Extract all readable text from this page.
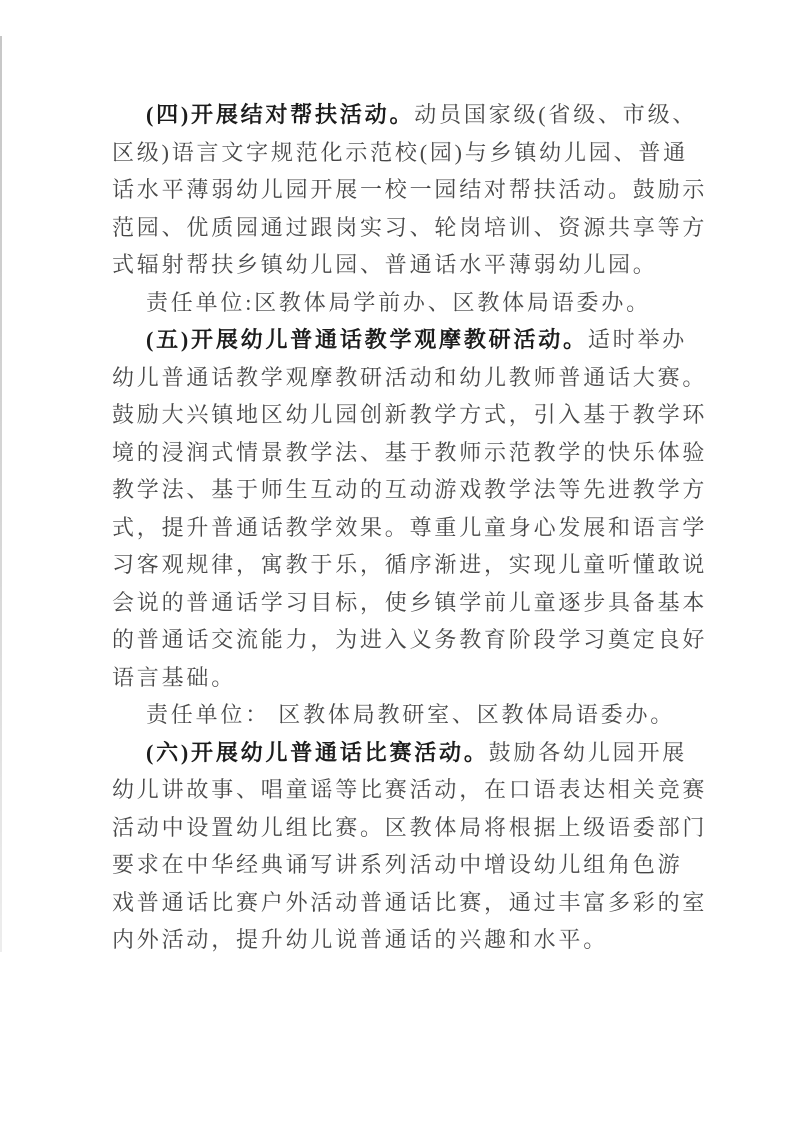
(四)开展结对帮扶活动。动员国家级(省级、市级、
区级)语言文字规范化示范校(园)与乡镇幼儿园、普通
话水平薄弱幼儿园开展一校一园结对帮扶活动。鼓励示
范园、优质园通过跟岗实习、轮岗培训、资源共享等方
式辐射帮扶乡镇幼儿园、普通话水平薄弱幼儿园。
责任单位:区教体局学前办、区教体局语委办。
(五)开展幼儿普通话教学观摩教研活动。适时举办
幼儿普通话教学观摩教研活动和幼儿教师普通话大赛。
鼓励大兴镇地区幼儿园创新教学方式，引入基于教学环
境的浸润式情景教学法、基于教师示范教学的快乐体验
教学法、基于师生互动的互动游戏教学法等先进教学方
式，提升普通话教学效果。尊重儿童身心发展和语言学
习客观规律，寓教于乐，循序渐进，实现儿童听懂敢说
会说的普通话学习目标，使乡镇学前儿童逐步具备基本
的普通话交流能力，为进入义务教育阶段学习奠定良好
语言基础。
责任单位： 区教体局教研室、区教体局语委办。
(六)开展幼儿普通话比赛活动。鼓励各幼儿园开展
幼儿讲故事、唱童谣等比赛活动，在口语表达相关竞赛
活动中设置幼儿组比赛。区教体局将根据上级语委部门
要求在中华经典诵写讲系列活动中增设幼儿组角色游
戏普通话比赛户外活动普通话比赛，通过丰富多彩的室
内外活动，提升幼儿说普通话的兴趣和水平。
